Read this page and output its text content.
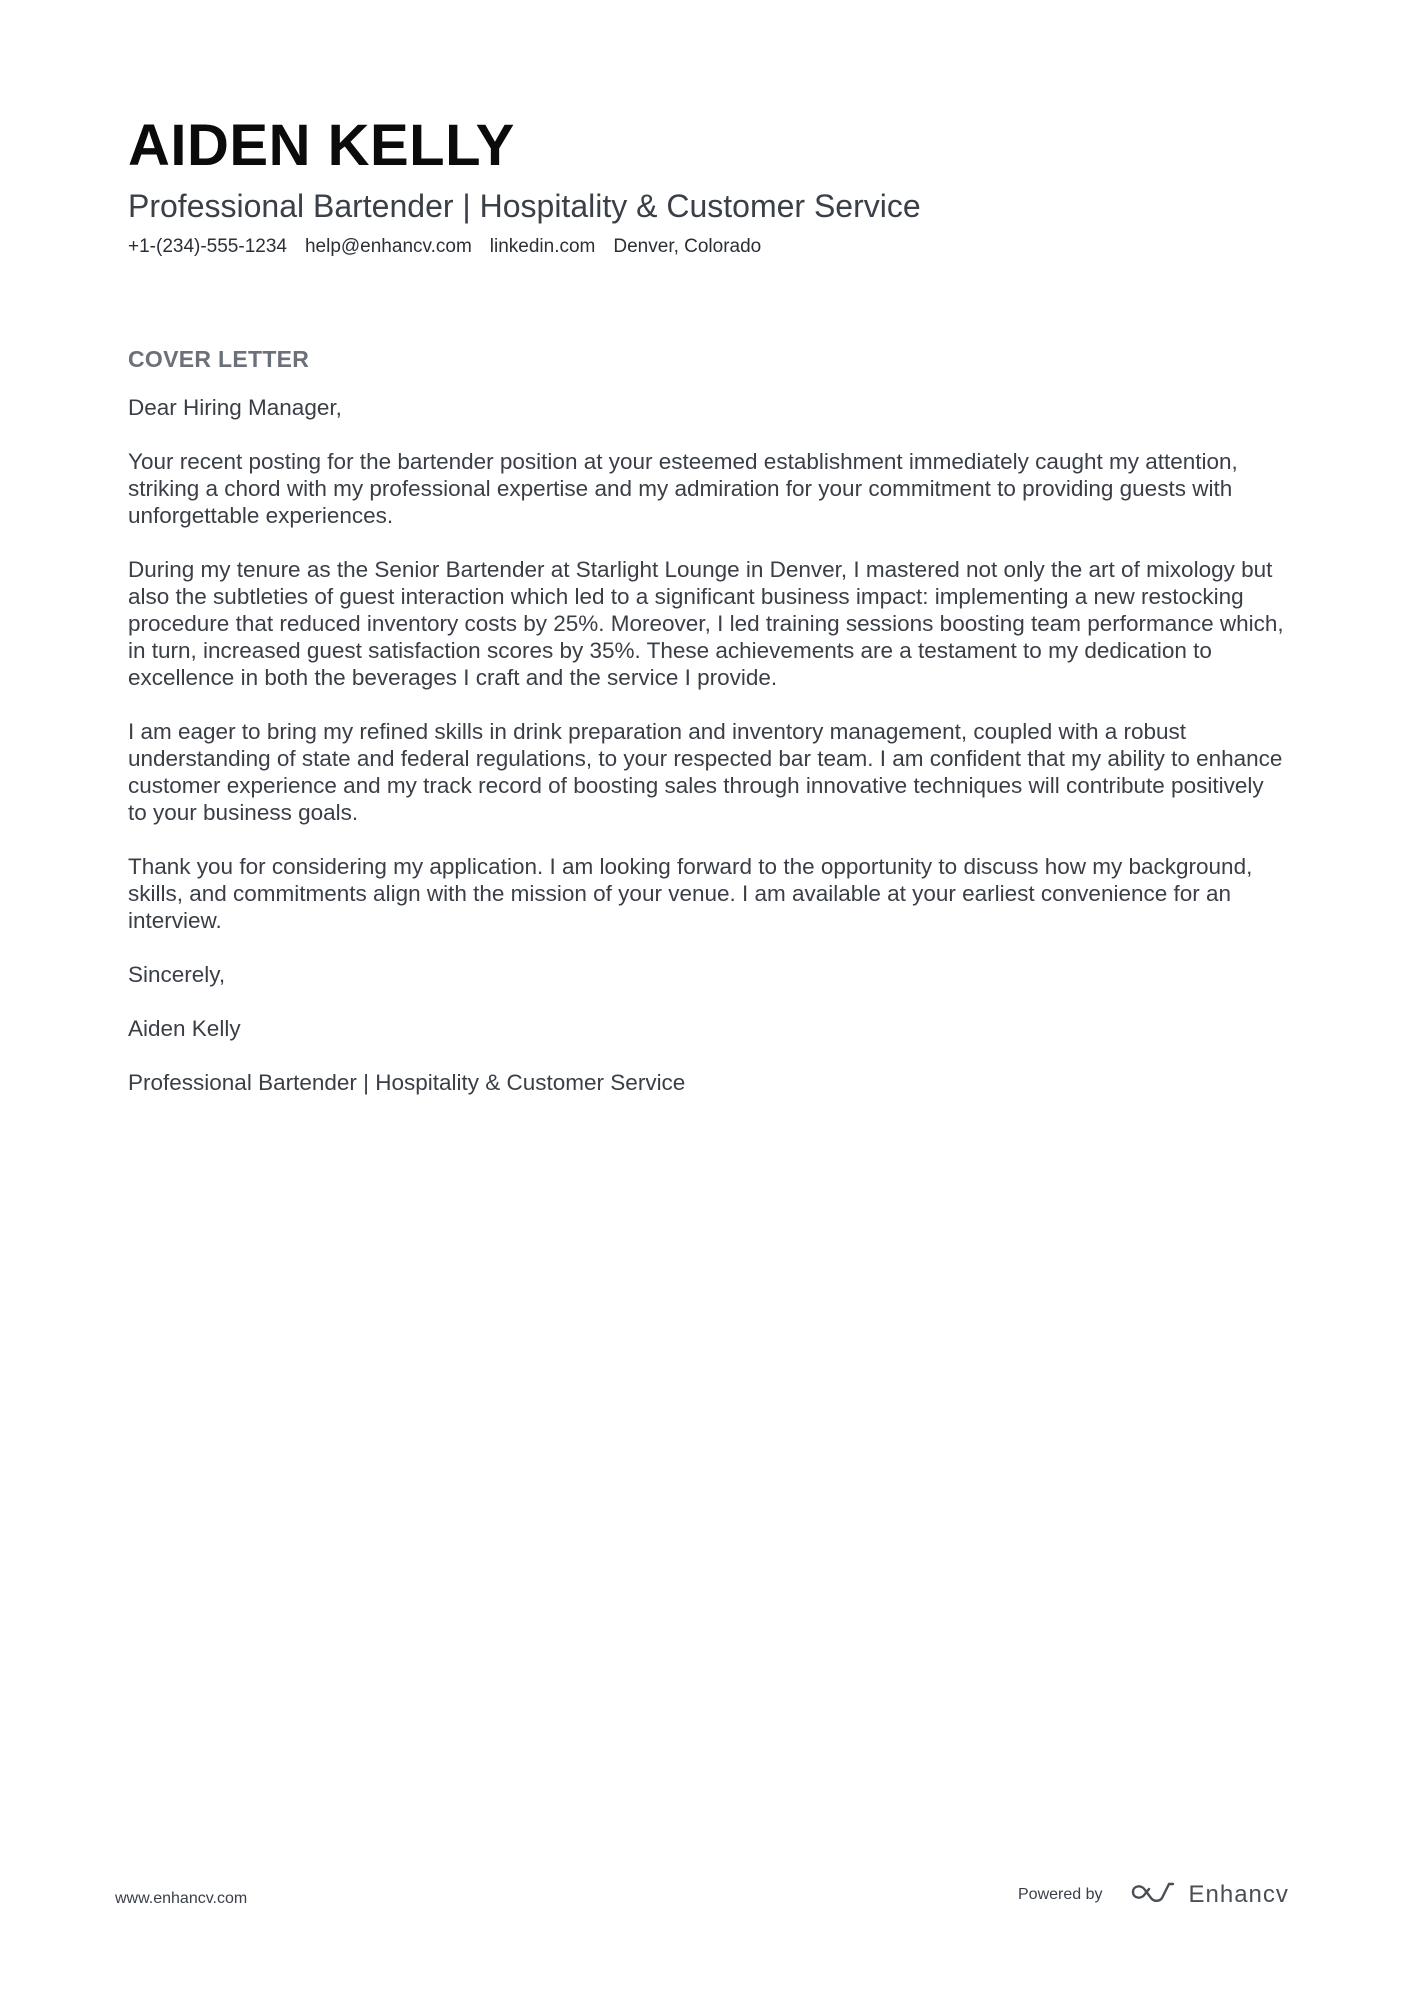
AIDEN KELLY
Professional Bartender | Hospitality & Customer Service
+1-(234)-555-1234 help@enhancv.com linkedin.com Denver, Colorado
COVER LETTER

Dear Hiring Manager,

Your recent posting for the bartender position at your esteemed establishment immediately caught my attention, striking a chord with my professional expertise and my admiration for your commitment to providing guests with unforgettable experiences.

During my tenure as the Senior Bartender at Starlight Lounge in Denver, I mastered not only the art of mixology but also the subtleties of guest interaction which led to a significant business impact: implementing a new restocking procedure that reduced inventory costs by 25%. Moreover, I led training sessions boosting team performance which, in turn, increased guest satisfaction scores by 35%. These achievements are a testament to my dedication to excellence in both the beverages I craft and the service I provide.

I am eager to bring my refined skills in drink preparation and inventory management, coupled with a robust understanding of state and federal regulations, to your respected bar team. I am confident that my ability to enhance customer experience and my track record of boosting sales through innovative techniques will contribute positively to your business goals.

Thank you for considering my application. I am looking forward to the opportunity to discuss how my background, skills, and commitments align with the mission of your venue. I am available at your earliest convenience for an interview.

Sincerely,

Aiden Kelly

Professional Bartender | Hospitality & Customer Service

www.enhancv.com	Powered by	Enhancv
